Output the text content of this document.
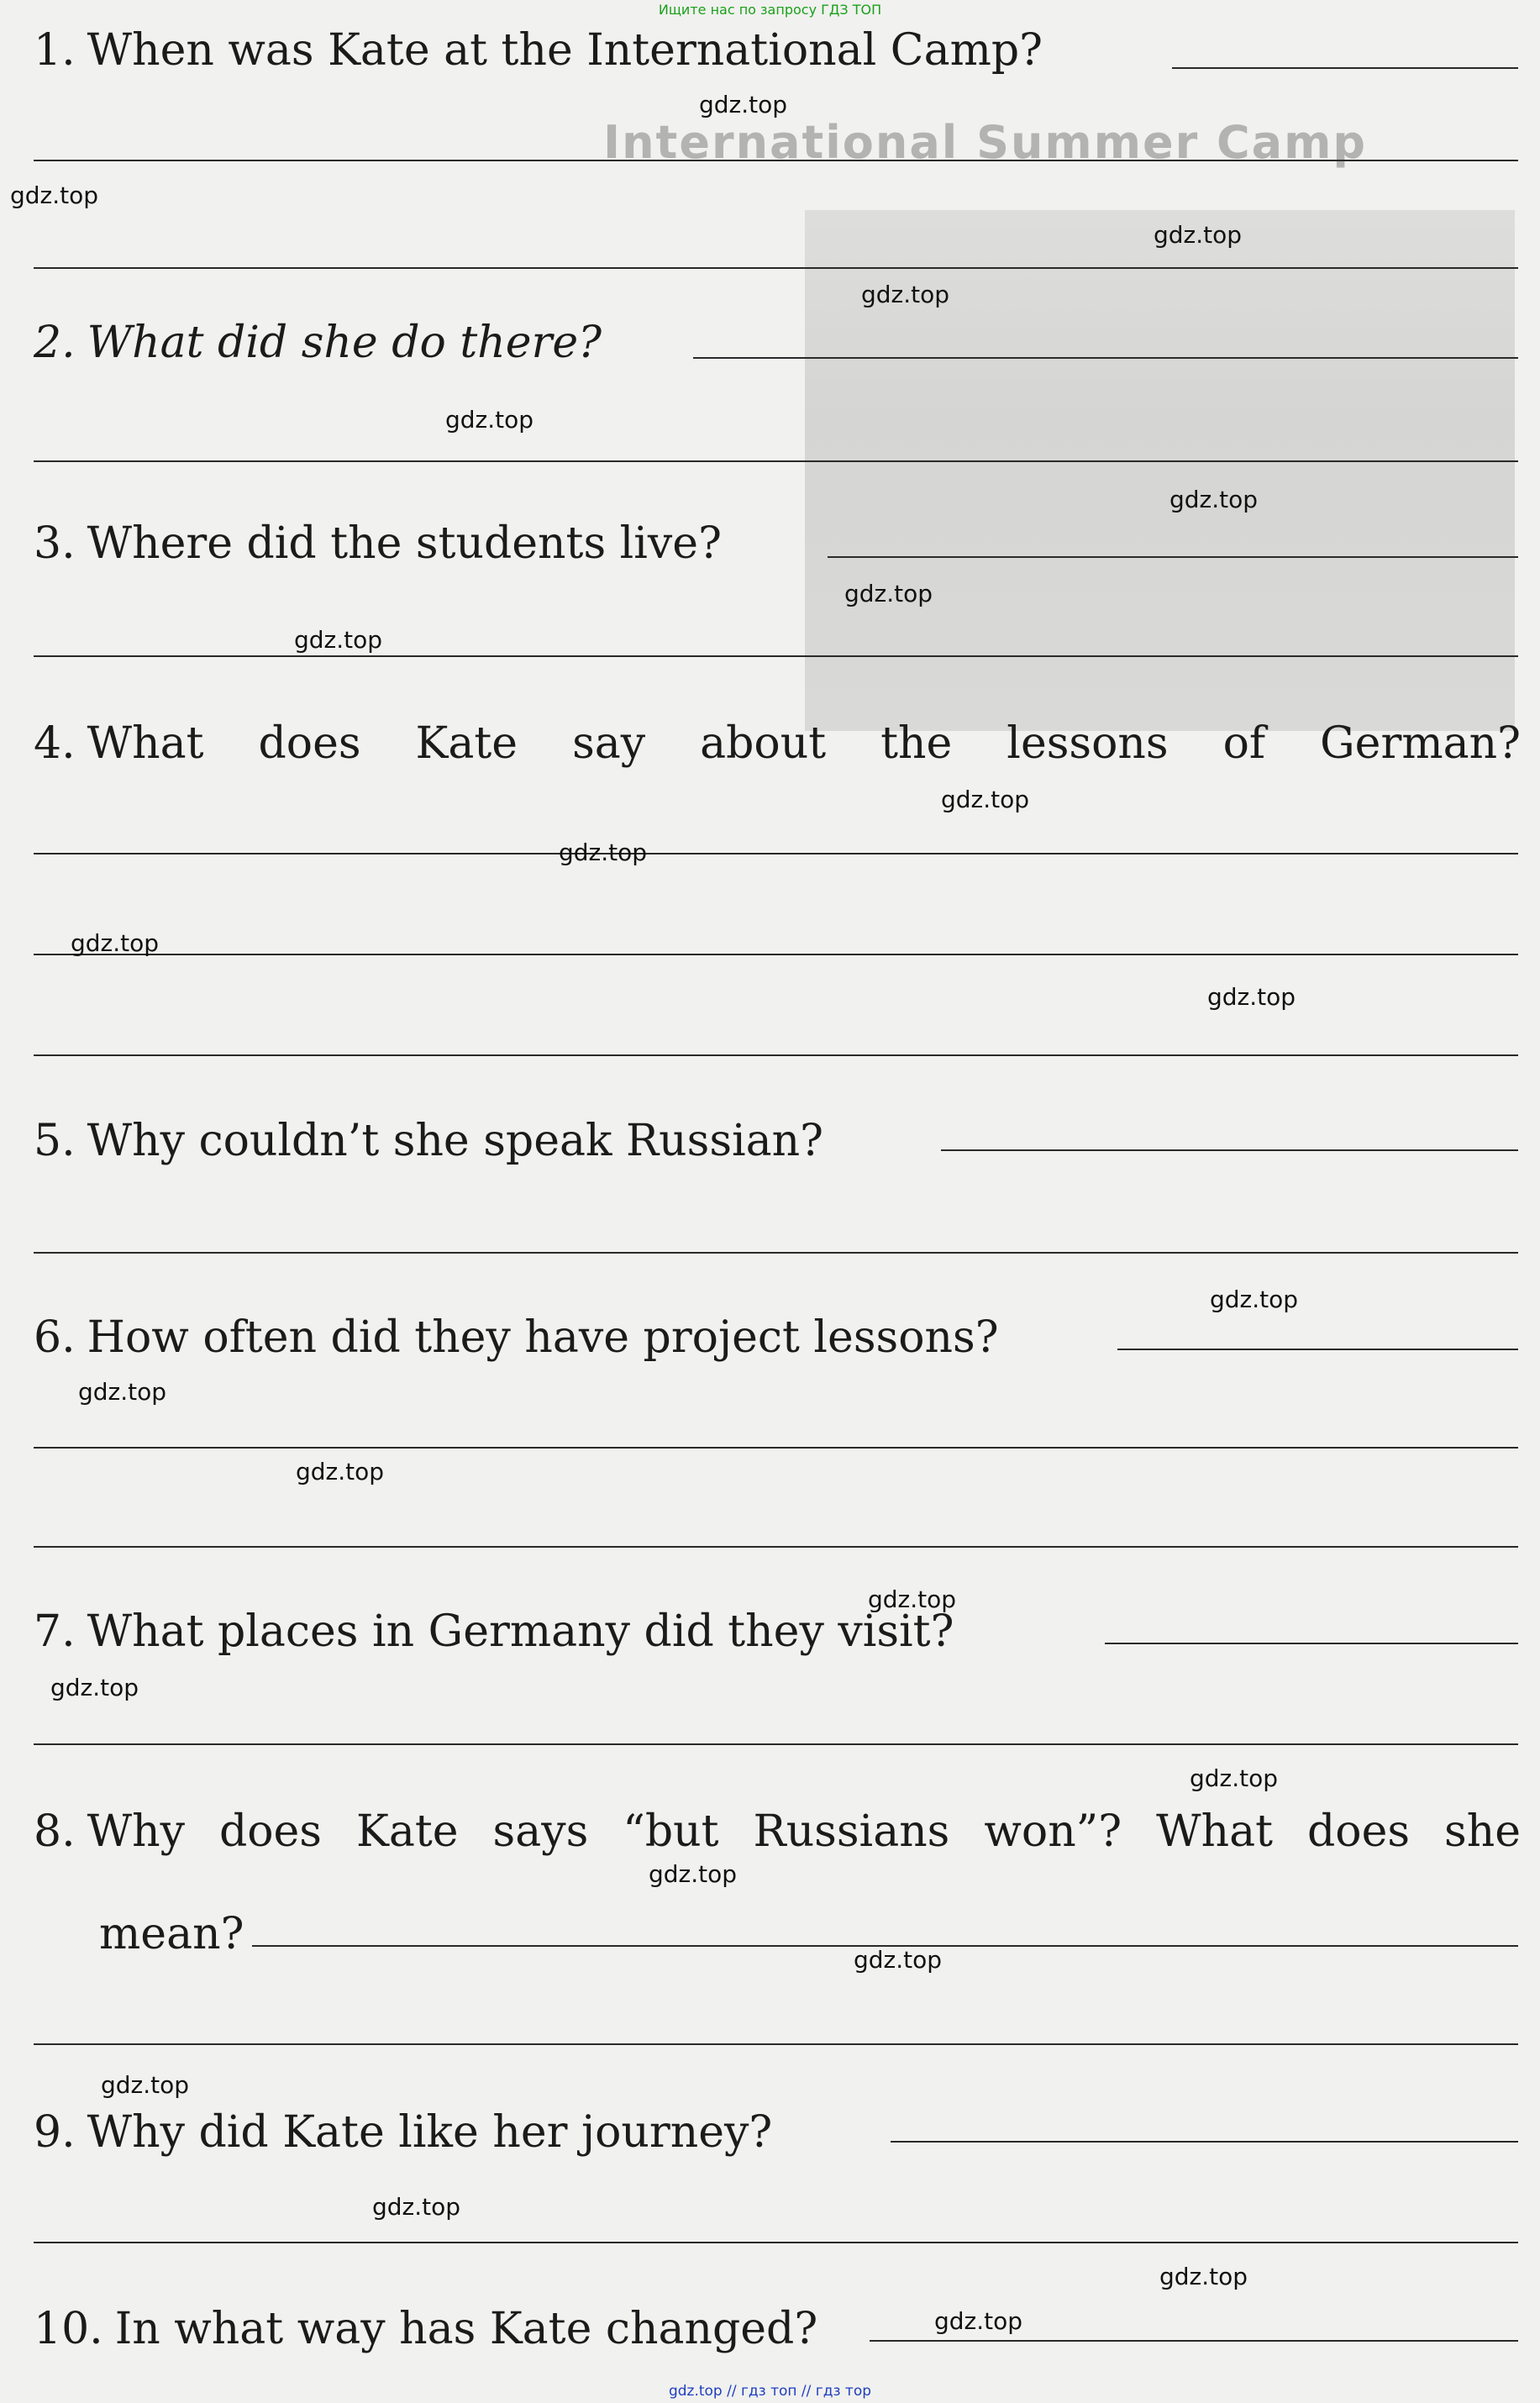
International Summer Camp
Ищите нас по запросу ГДЗ ТОП
1. When was Kate at the International Camp?
2. What did she do there?
3. Where did the students live?
4. What does Kate say about the lessons of German?
5. Why couldn’t she speak Russian?
6. How often did they have project lessons?
7. What places in Germany did they visit?
8. Why does Kate says “but Russians won”? What does she
mean?
9. Why did Kate like her journey?
10. In what way has Kate changed?
gdz.top
gdz.top
gdz.top
gdz.top
gdz.top
gdz.top
gdz.top
gdz.top
gdz.top
gdz.top
gdz.top
gdz.top
gdz.top
gdz.top
gdz.top
gdz.top
gdz.top
gdz.top
gdz.top
gdz.top
gdz.top
gdz.top
gdz.top
gdz.top
gdz.top // гдз топ // гдз тор
